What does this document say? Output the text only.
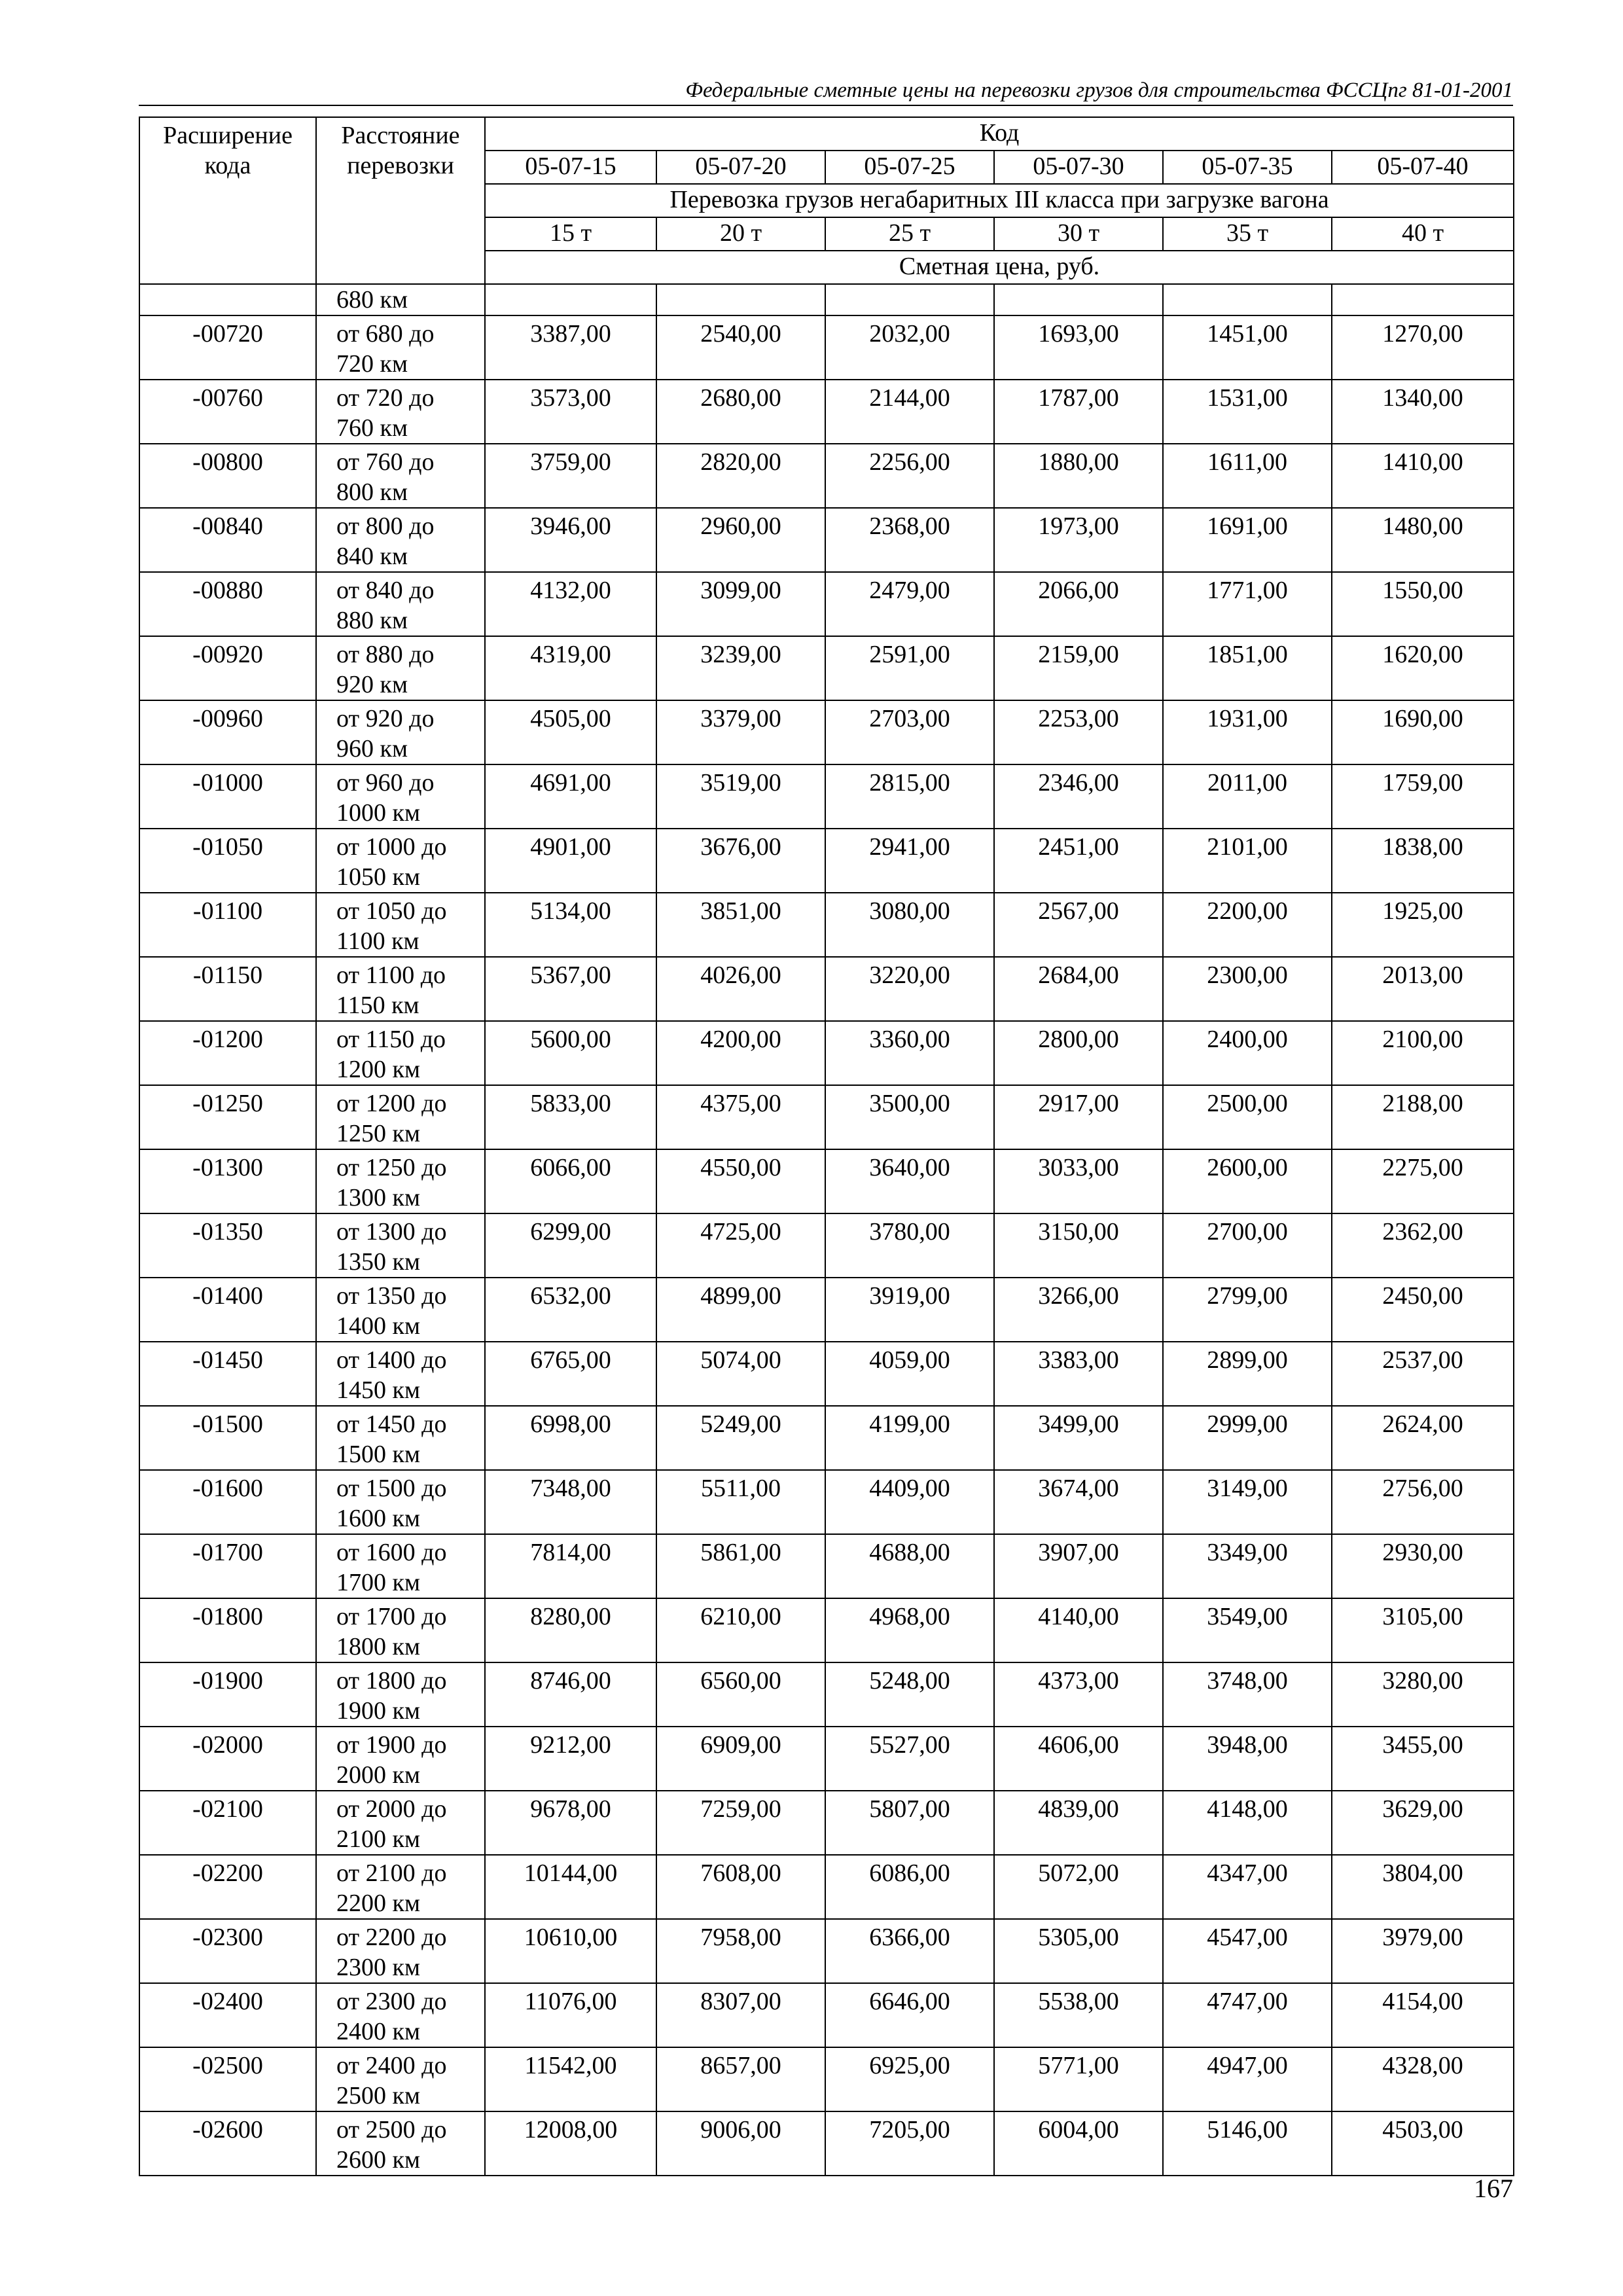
Федеральные сметные цены на перевозки грузов для строительства ФССЦпг 81-01-2001
Расширение кода	Расстояние перевозки	Код					
		05-07-15	05-07-20	05-07-25	05-07-30	05-07-35	05-07-40
		Перевозка грузов негабаритных III класса при загрузке вагона					
		15 т	20 т	25 т	30 т	35 т	40 т
		Сметная цена, руб.					
	680 км						
-00720	от 680 до
720 км	3387,00	2540,00	2032,00	1693,00	1451,00	1270,00
-00760	от 720 до
760 км	3573,00	2680,00	2144,00	1787,00	1531,00	1340,00
-00800	от 760 до
800 км	3759,00	2820,00	2256,00	1880,00	1611,00	1410,00
-00840	от 800 до
840 км	3946,00	2960,00	2368,00	1973,00	1691,00	1480,00
-00880	от 840 до
880 км	4132,00	3099,00	2479,00	2066,00	1771,00	1550,00
-00920	от 880 до
920 км	4319,00	3239,00	2591,00	2159,00	1851,00	1620,00
-00960	от 920 до
960 км	4505,00	3379,00	2703,00	2253,00	1931,00	1690,00
-01000	от 960 до
1000 км	4691,00	3519,00	2815,00	2346,00	2011,00	1759,00
-01050	от 1000 до
1050 км	4901,00	3676,00	2941,00	2451,00	2101,00	1838,00
-01100	от 1050 до
1100 км	5134,00	3851,00	3080,00	2567,00	2200,00	1925,00
-01150	от 1100 до
1150 км	5367,00	4026,00	3220,00	2684,00	2300,00	2013,00
-01200	от 1150 до
1200 км	5600,00	4200,00	3360,00	2800,00	2400,00	2100,00
-01250	от 1200 до
1250 км	5833,00	4375,00	3500,00	2917,00	2500,00	2188,00
-01300	от 1250 до
1300 км	6066,00	4550,00	3640,00	3033,00	2600,00	2275,00
-01350	от 1300 до
1350 км	6299,00	4725,00	3780,00	3150,00	2700,00	2362,00
-01400	от 1350 до
1400 км	6532,00	4899,00	3919,00	3266,00	2799,00	2450,00
-01450	от 1400 до
1450 км	6765,00	5074,00	4059,00	3383,00	2899,00	2537,00
-01500	от 1450 до
1500 км	6998,00	5249,00	4199,00	3499,00	2999,00	2624,00
-01600	от 1500 до
1600 км	7348,00	5511,00	4409,00	3674,00	3149,00	2756,00
-01700	от 1600 до
1700 км	7814,00	5861,00	4688,00	3907,00	3349,00	2930,00
-01800	от 1700 до
1800 км	8280,00	6210,00	4968,00	4140,00	3549,00	3105,00
-01900	от 1800 до
1900 км	8746,00	6560,00	5248,00	4373,00	3748,00	3280,00
-02000	от 1900 до
2000 км	9212,00	6909,00	5527,00	4606,00	3948,00	3455,00
-02100	от 2000 до
2100 км	9678,00	7259,00	5807,00	4839,00	4148,00	3629,00
-02200	от 2100 до
2200 км	10144,00	7608,00	6086,00	5072,00	4347,00	3804,00
-02300	от 2200 до
2300 км	10610,00	7958,00	6366,00	5305,00	4547,00	3979,00
-02400	от 2300 до
2400 км	11076,00	8307,00	6646,00	5538,00	4747,00	4154,00
-02500	от 2400 до
2500 км	11542,00	8657,00	6925,00	5771,00	4947,00	4328,00
-02600	от 2500 до
2600 км	12008,00	9006,00	7205,00	6004,00	5146,00	4503,00
167
